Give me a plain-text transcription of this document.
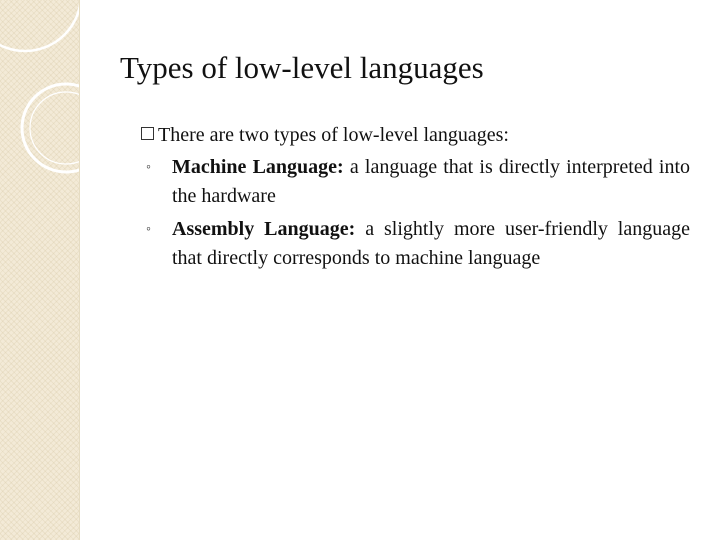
Types of low-level languages
There are two types of low-level languages:
◦ Machine Language: a language that is directly interpreted into the hardware
◦ Assembly Language: a slightly more user-friendly language that directly corresponds to machine language
